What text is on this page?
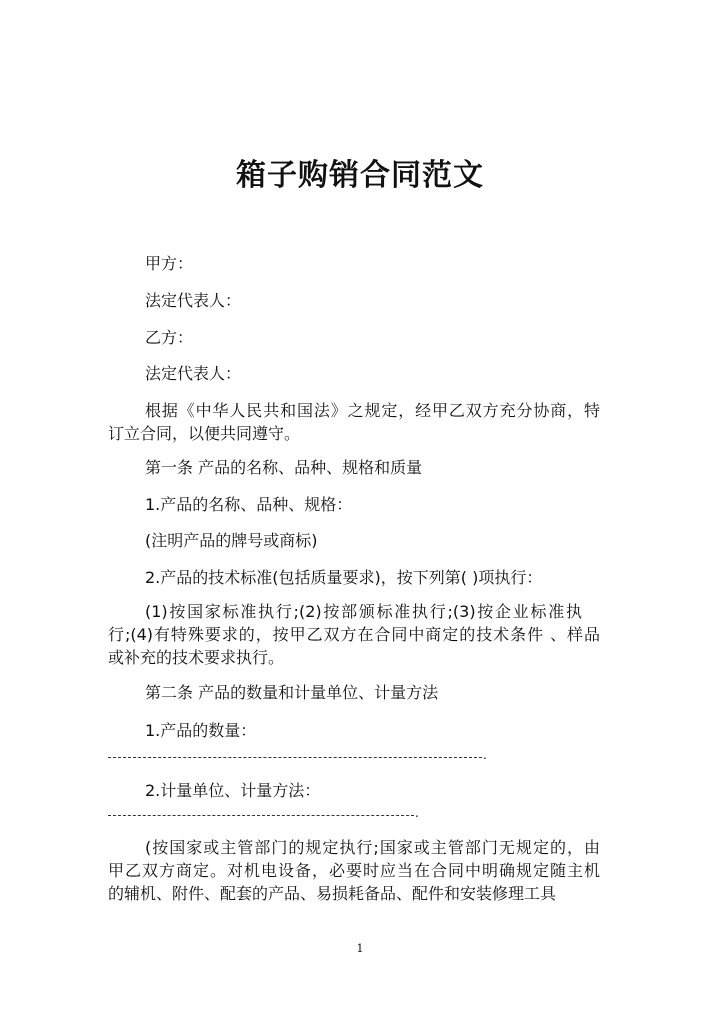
箱子购销合同范文
甲方：
法定代表人：
乙方：
法定代表人：
根据《中华人民共和国法》之规定，经甲乙双方充分协商，特
订立合同，以便共同遵守。
第一条 产品的名称、品种、规格和质量
1.产品的名称、品种、规格：
(注明产品的牌号或商标)
2.产品的技术标准(包括质量要求)，按下列第( )项执行：
(1)按国家标准执行;(2)按部颁标准执行;(3)按企业标准执
行;(4)有特殊要求的，按甲乙双方在合同中商定的技术条件 、样品
或补充的技术要求执行。
第二条 产品的数量和计量单位、计量方法
1.产品的数量：
.
2.计量单位、计量方法：
.
(按国家或主管部门的规定执行;国家或主管部门无规定的，由
甲乙双方商定。对机电设备，必要时应当在合同中明确规定随主机
的辅机、附件、配套的产品、易损耗备品、配件和安装修理工具
1
